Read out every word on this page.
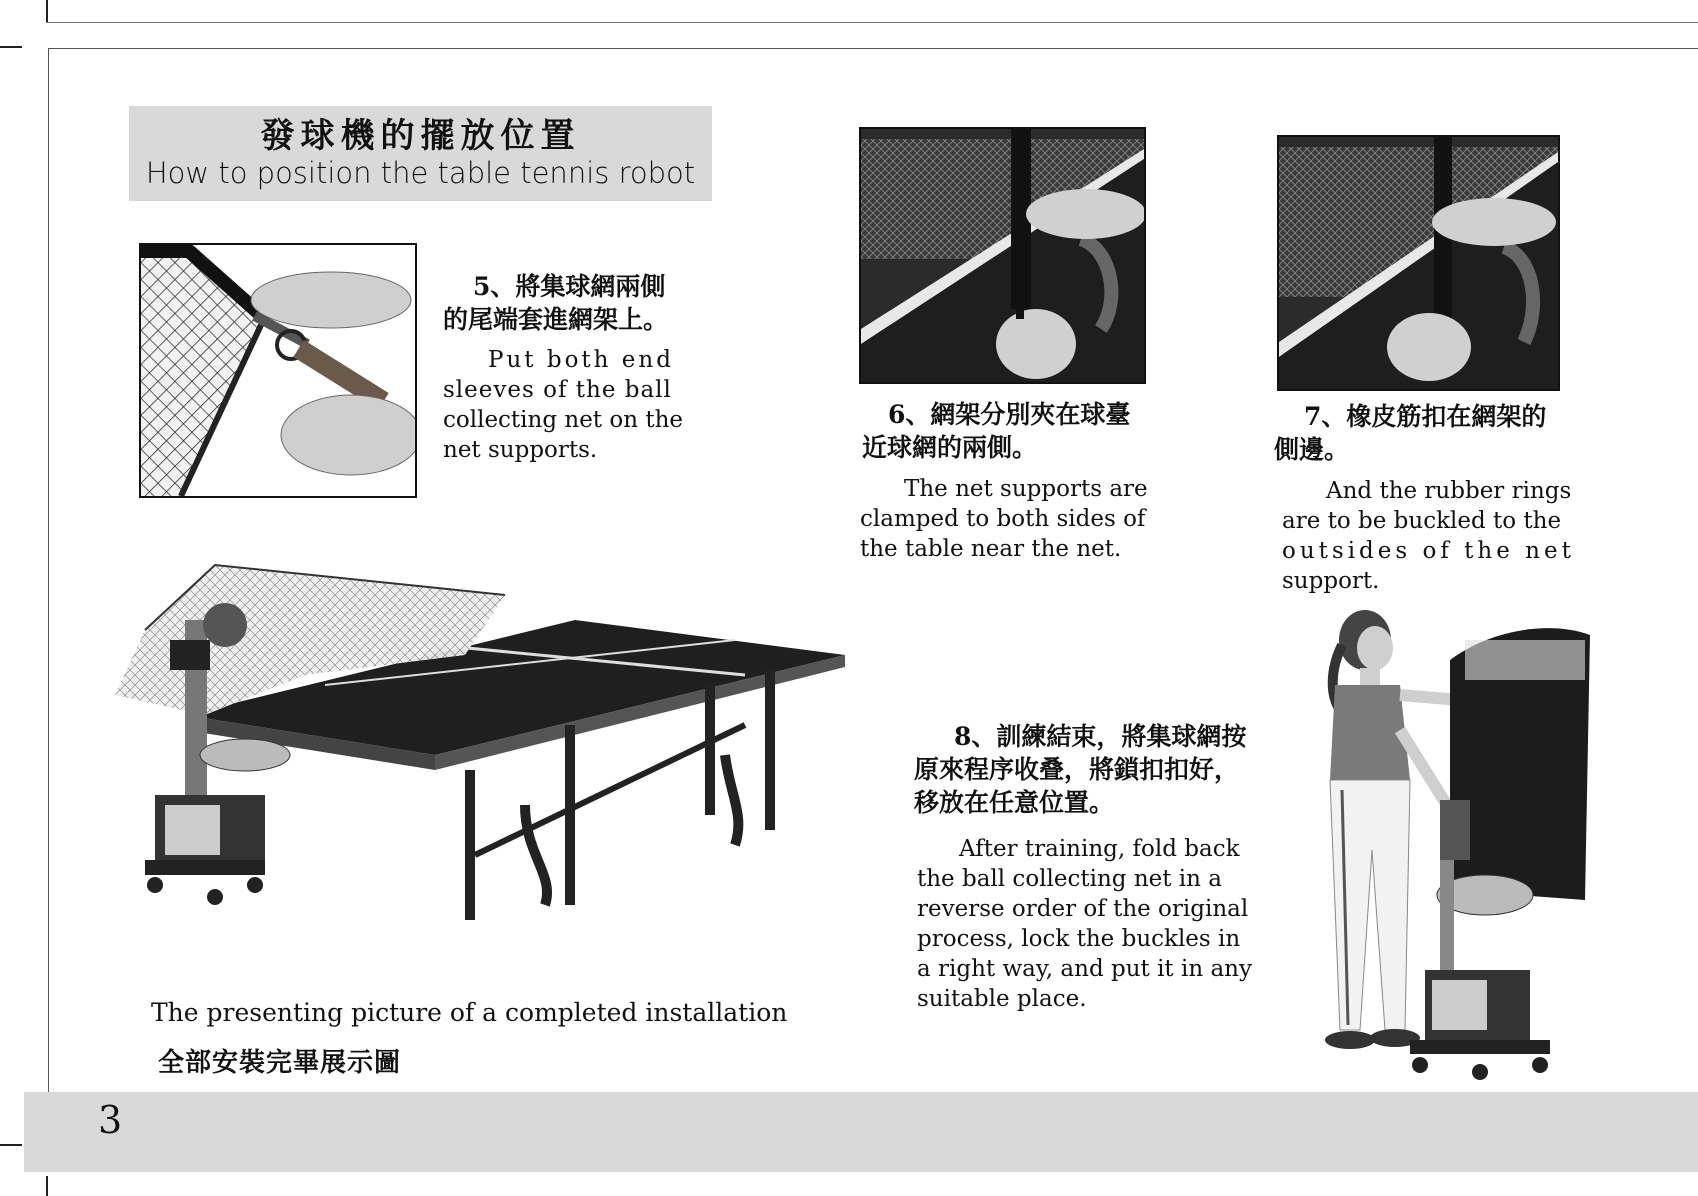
發球機的擺放位置
How to position the table tennis robot
5、將集球網兩側
的尾端套進網架上。
Put both end
sleeves of the ball
collecting net on the
net supports.
6、網架分別夾在球臺
近球網的兩側。
The net supports are
clamped to both sides of
the table near the net.
7、橡皮筋扣在網架的
側邊。
And the rubber rings
are to be buckled to the
outsides of the net
support.
The presenting picture of a completed installation
全部安裝完畢展示圖
8、訓練結束，將集球網按
原來程序收叠，將鎖扣扣好，
移放在任意位置。
After training, fold back
the ball collecting net in a
reverse order of the original
process, lock the buckles in
a right way, and put it in any
suitable place.
3
